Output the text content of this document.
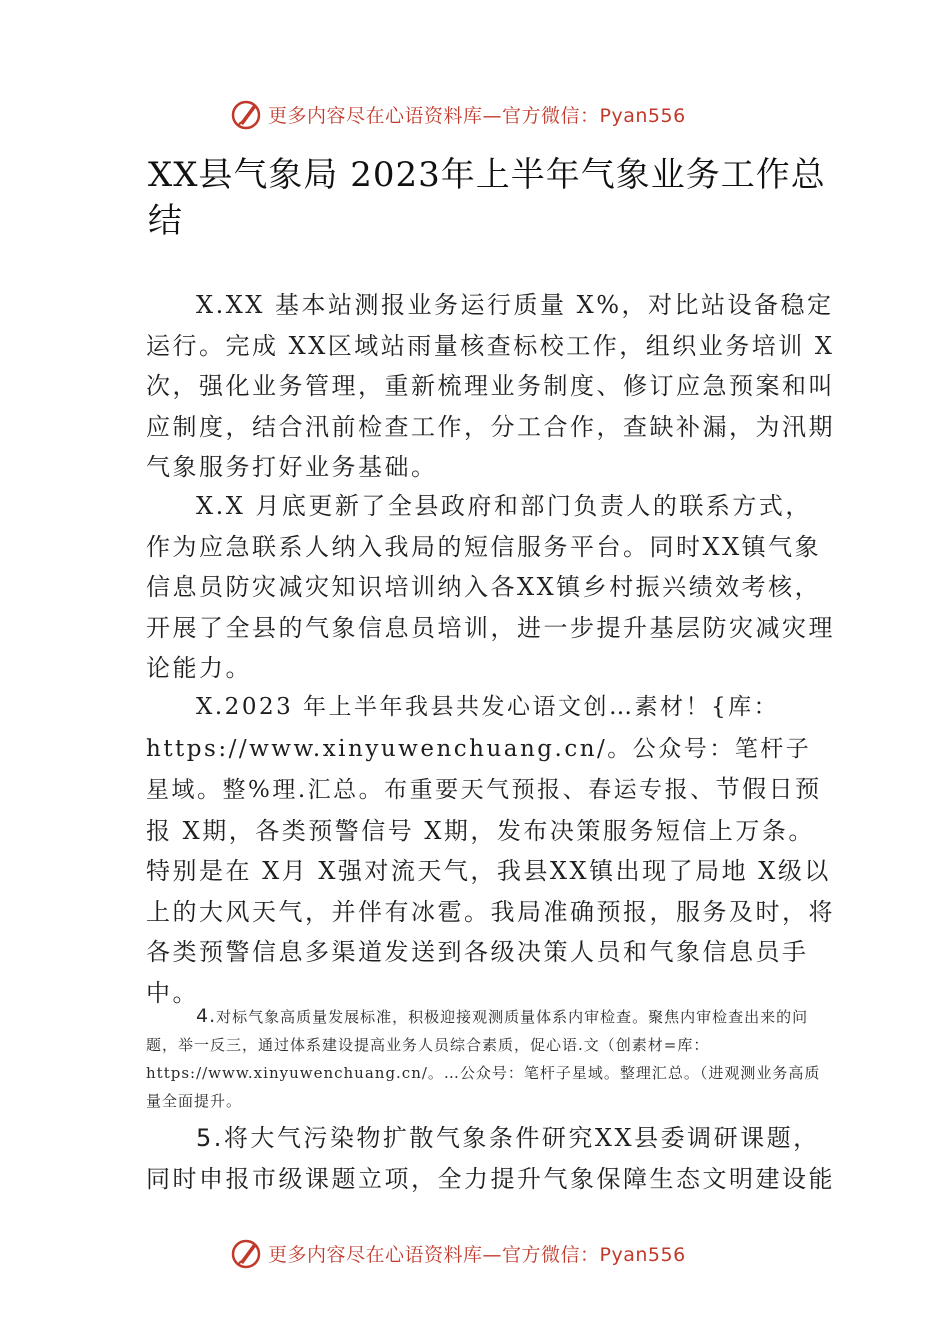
更多内容尽在心语资料库—官方微信：Pyan556
XX县气象局 2023年上半年气象业务工作总结

X.XX 基本站测报业务运行质量 X%，对比站设备稳定运行。完成 XX区域站雨量核查标校工作，组织业务培训 X次，强化业务管理，重新梳理业务制度、修订应急预案和叫应制度，结合汛前检查工作，分工合作，查缺补漏，为汛期气象服务打好业务基础。

X.X 月底更新了全县政府和部门负责人的联系方式，作为应急联系人纳入我局的短信服务平台。同时XX镇气象信息员防灾减灾知识培训纳入各XX镇乡村振兴绩效考核，开展了全县的气象信息员培训，进一步提升基层防灾减灾理论能力。

X.2023 年上半年我县共发心语文创…素材！{库：https://www.xinyuwenchuang.cn/。公众号：笔杆子星域。整%理.汇总。布重要天气预报、春运专报、节假日预报 X期，各类预警信号 X期，发布决策服务短信上万条。特别是在 X月 X强对流天气，我县XX镇出现了局地 X级以上的大风天气，并伴有冰雹。我局准确预报，服务及时，将各类预警信息多渠道发送到各级决策人员和气象信息员手中。

4.对标气象高质量发展标准，积极迎接观测质量体系内审检查。聚焦内审检查出来的问题，举一反三，通过体系建设提高业务人员综合素质，促心语.文（创素材=库：https://www.xinyuwenchuang.cn/。…公众号：笔杆子星域。整理汇总。（进观测业务高质量全面提升。

5.将大气污染物扩散气象条件研究XX县委调研课题，同时申报市级课题立项，全力提升气象保障生态文明建设能

更多内容尽在心语资料库—官方微信：Pyan556
